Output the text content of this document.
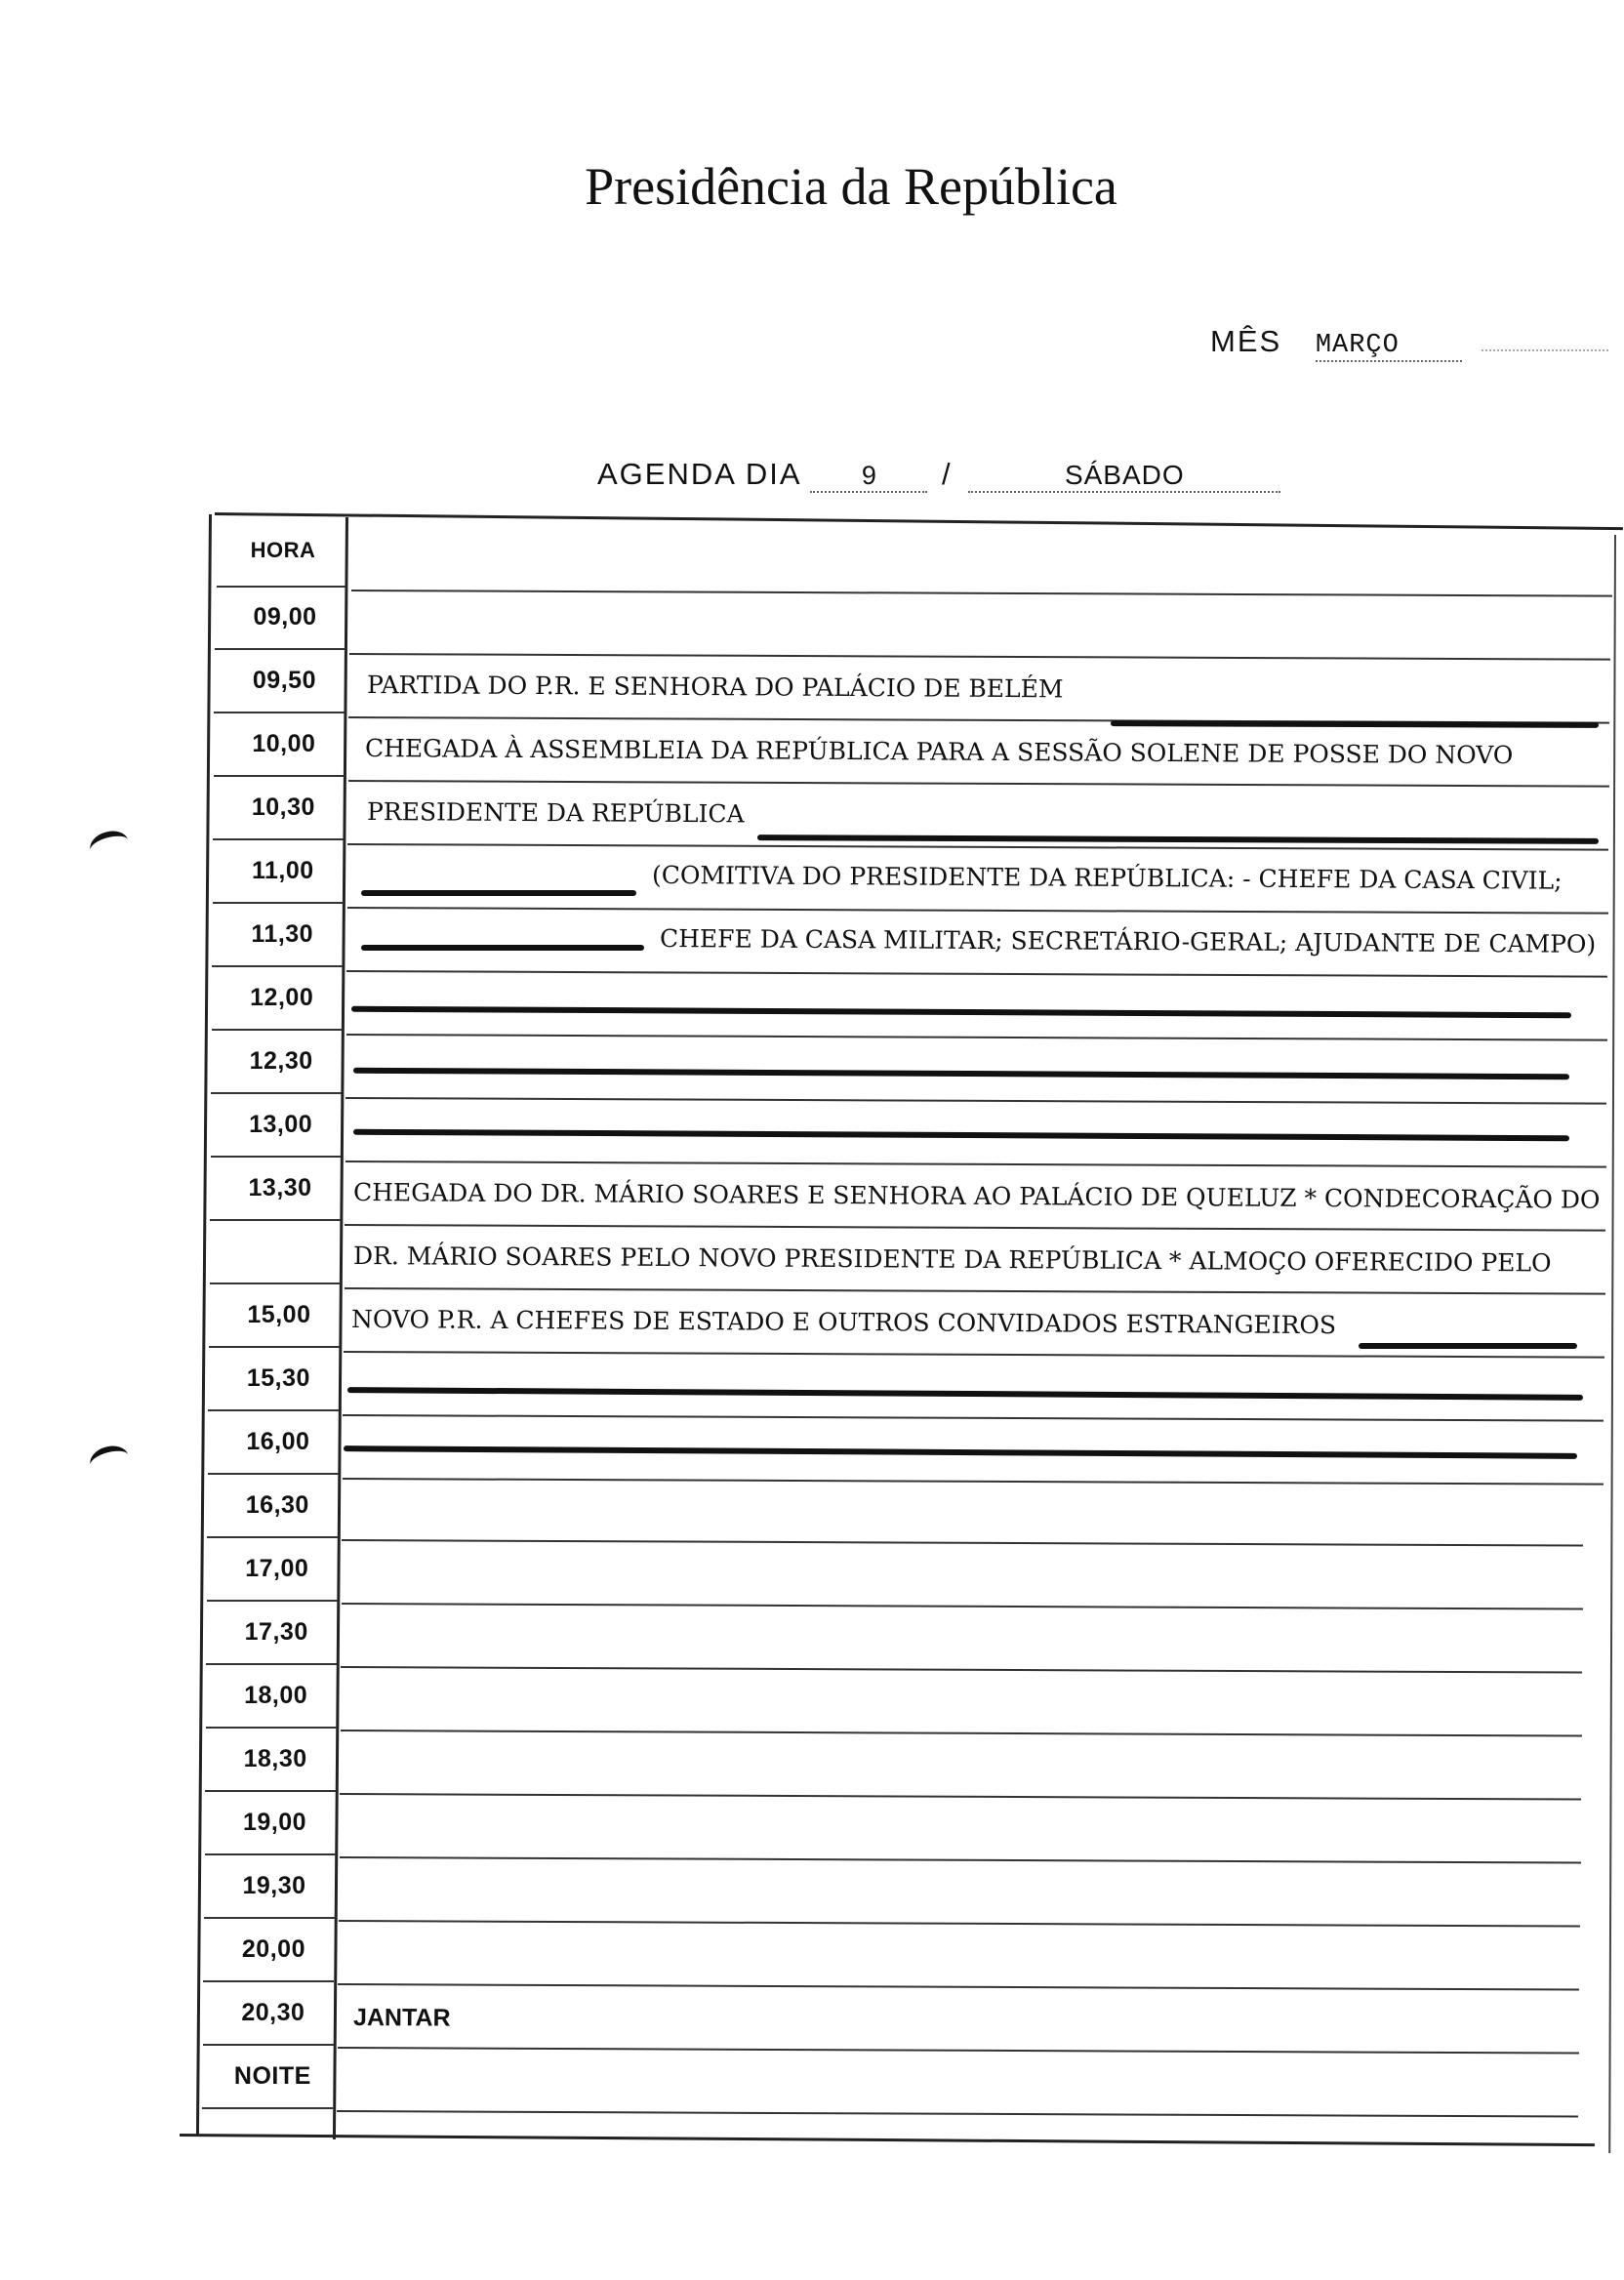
Presidência da República
MÊS MARÇO
AGENDA DIA 9 /	SÁBADO
HORA
09,00
09,50	PARTIDA DO P.R. E SENHORA DO PALÁCIO DE BELÉM
10,00	CHEGADA À ASSEMBLEIA DA REPÚBLICA PARA A SESSÃO SOLENE DE POSSE DO NOVO
10,30	PRESIDENTE DA REPÚBLICA
11,00	(COMITIVA DO PRESIDENTE DA REPÚBLICA: - CHEFE DA CASA CIVIL;
11,30	CHEFE DA CASA MILITAR; SECRETÁRIO-GERAL; AJUDANTE DE CAMPO)
12,00
12,30
13,00
13,30	CHEGADA DO DR. MÁRIO SOARES E SENHORA AO PALÁCIO DE QUELUZ * CONDECORAÇÃO DO
DR. MÁRIO SOARES PELO NOVO PRESIDENTE DA REPÚBLICA * ALMOÇO OFERECIDO PELO
15,00	NOVO P.R. A CHEFES DE ESTADO E OUTROS CONVIDADOS ESTRANGEIROS
15,30
16,00
16,30
17,00
17,30
18,00
18,30
19,00
19,30
20,00
20,30	JANTAR
NOITE
